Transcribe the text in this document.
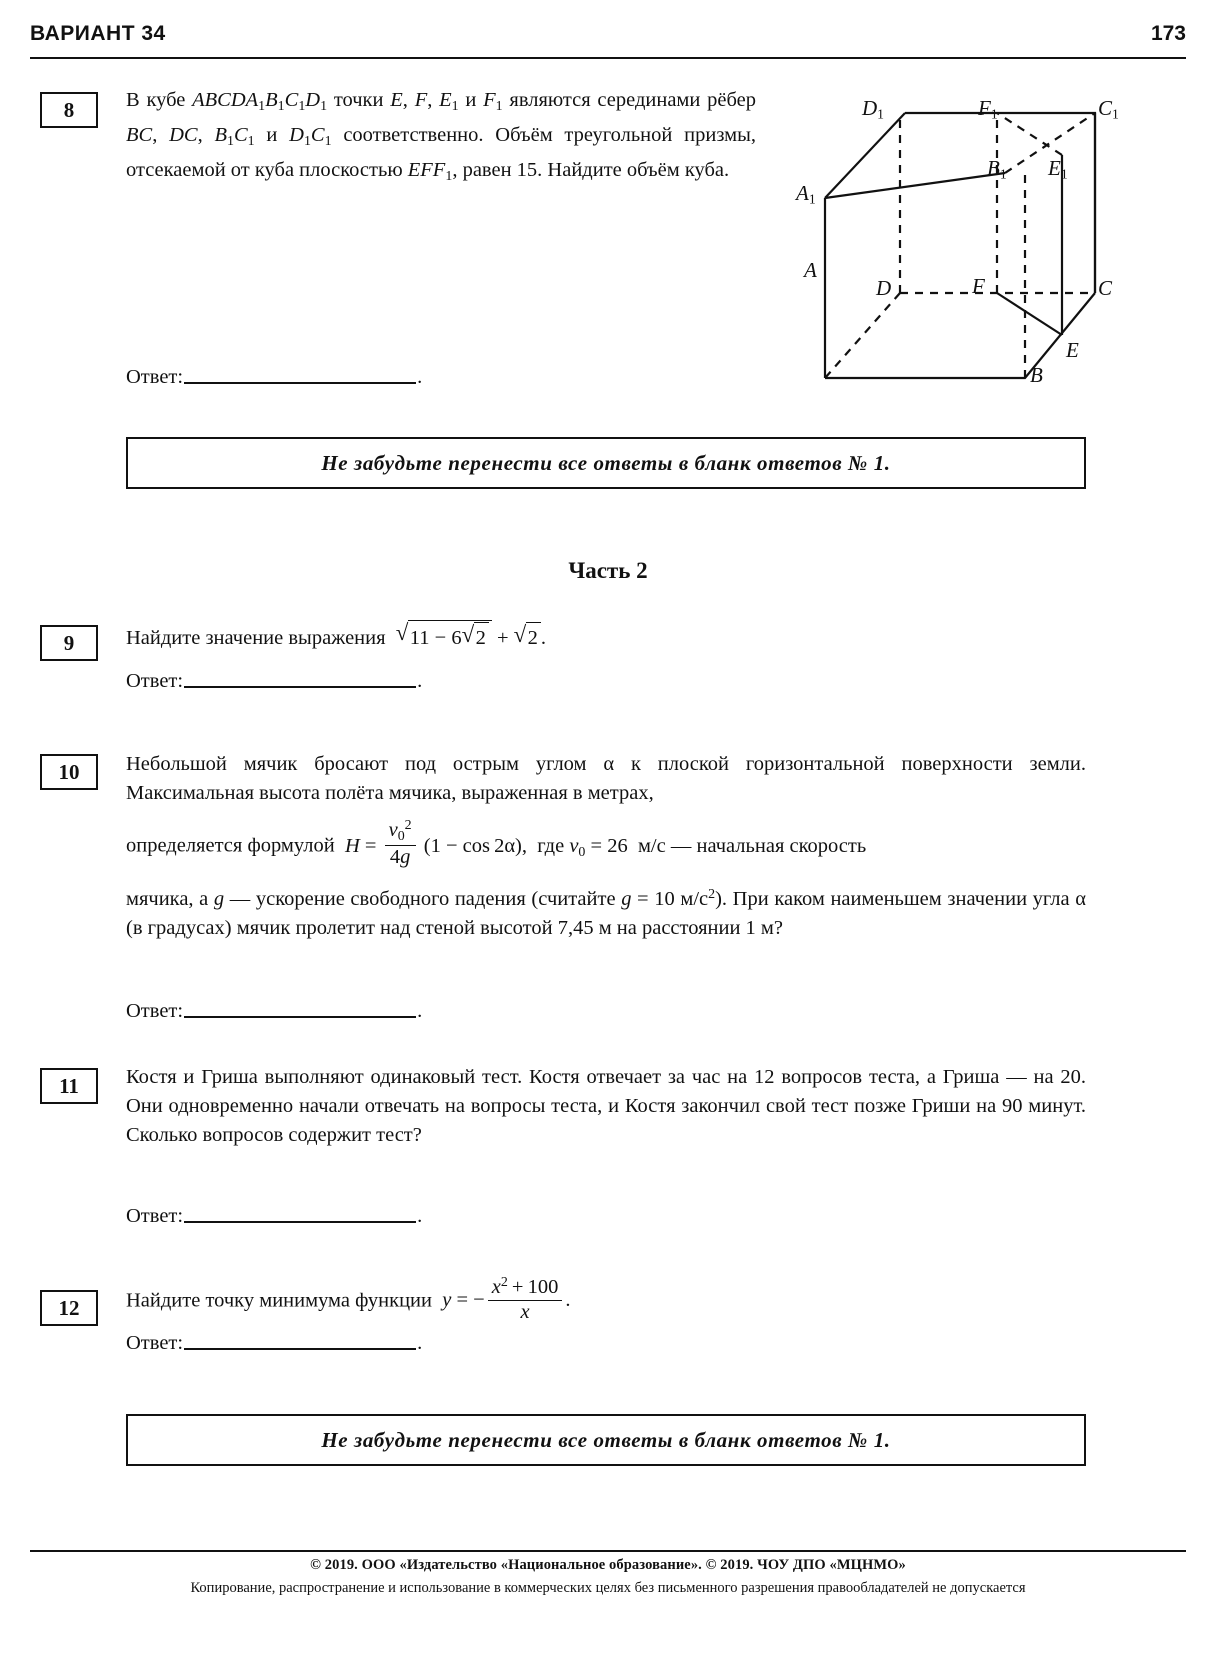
ВАРИАНТ 34	173
8	В кубе $ABCDA_1B_1C_1D_1$ точки E, F, $E_1$ и $F_1$ являются серединами рёбер BC, DC, $B_1C_1$ и $D_1C_1$ соответственно. Объём треугольной призмы, отсекаемой от куба плоскостью $EFF_1$, равен 15. Найдите объём куба.
A
B
C
D
$A_1$
$B_1$
$C_1$
$D_1$
E
F
$E_1$
$F_1$
Ответ:	.
Не забудьте перенести все ответы в бланк ответов № 1.
Часть 2
9	Найдите значение выражения √ 11 − 6 √ 2 + √ 2 .
Ответ:	.
10	Небольшой мячик бросают под острым углом α к плоской горизонтальной поверхности земли. Максимальная высота полёта мячика, выраженная в метрах,
определяется формулой $H = \frac{v_0^2}{4g} (1 - \cos 2\alpha)$,  где $v_0 = 26$  м/с — начальная скорость
мячика, а g — ускорение свободного падения (считайте g = 10 $м/с^2$). При каком наименьшем значении угла α (в градусах) мячик пролетит над стеной высотой 7,45 м на расстоянии 1 м?
Ответ:	.
11	Костя и Гриша выполняют одинаковый тест. Костя отвечает за час на 12 вопросов теста, а Гриша — на 20. Они одновременно начали отвечать на вопросы теста, и Костя закончил свой тест позже Гриши на 90 минут. Сколько вопросов содержит тест?
Ответ:	.
12	Найдите точку минимума функции y = − $\frac{x^2 + 100}{x}$ .
Ответ:	.
Не забудьте перенести все ответы в бланк ответов № 1.
© 2019. ООО «Издательство «Национальное образование». © 2019. ЧОУ ДПО «МЦНМО»
Копирование, распространение и использование в коммерческих целях без письменного разрешения правообладателей не допускается
